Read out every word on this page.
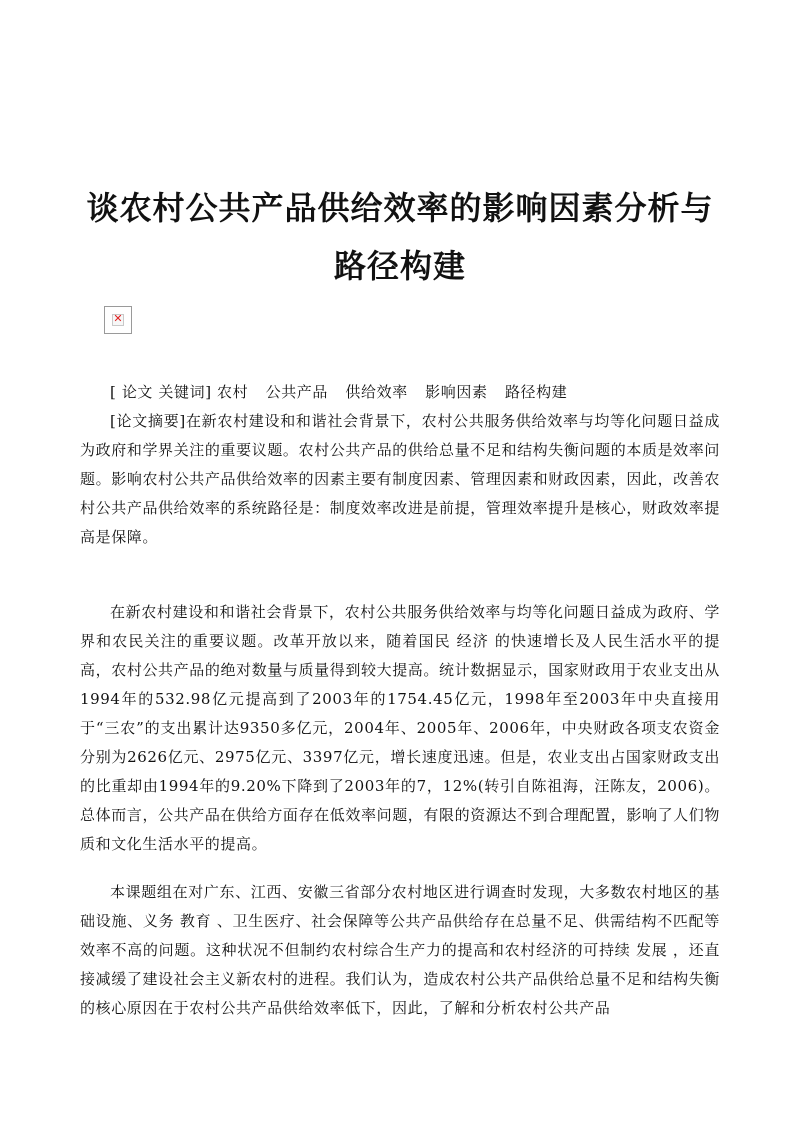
谈农村公共产品供给效率的影响因素分析与
路径构建
✕

[ 论文 关键词] 农村 公共产品 供给效率 影响因素 路径构建

[论文摘要]在新农村建设和和谐社会背景下，农村公共服务供给效率与均等化问题日益成为政府和学界关注的重要议题。农村公共产品的供给总量不足和结构失衡问题的本质是效率问题。影响农村公共产品供给效率的因素主要有制度因素、管理因素和财政因素，因此，改善农村公共产品供给效率的系统路径是：制度效率改进是前提，管理效率提升是核心，财政效率提高是保障。

在新农村建设和和谐社会背景下，农村公共服务供给效率与均等化问题日益成为政府、学界和农民关注的重要议题。改革开放以来，随着国民 经济 的快速增长及人民生活水平的提高，农村公共产品的绝对数量与质量得到较大提高。统计数据显示，国家财政用于农业支出从1994年的532.98亿元提高到了2003年的1754.45亿元，1998年至2003年中央直接用于“三农”的支出累计达9350多亿元，2004年、2005年、2006年，中央财政各项支农资金分别为2626亿元、2975亿元、3397亿元，增长速度迅速。但是，农业支出占国家财政支出的比重却由1994年的9.20%下降到了2003年的7，12%(转引自陈祖海，汪陈友，2006)。总体而言，公共产品在供给方面存在低效率问题，有限的资源达不到合理配置，影响了人们物质和文化生活水平的提高。

本课题组在对广东、江西、安徽三省部分农村地区进行调查时发现，大多数农村地区的基础设施、义务 教育 、卫生医疗、社会保障等公共产品供给存在总量不足、供需结构不匹配等效率不高的问题。这种状况不但制约农村综合生产力的提高和农村经济的可持续 发展 ，还直接减缓了建设社会主义新农村的进程。我们认为，造成农村公共产品供给总量不足和结构失衡的核心原因在于农村公共产品供给效率低下，因此，了解和分析农村公共产品
